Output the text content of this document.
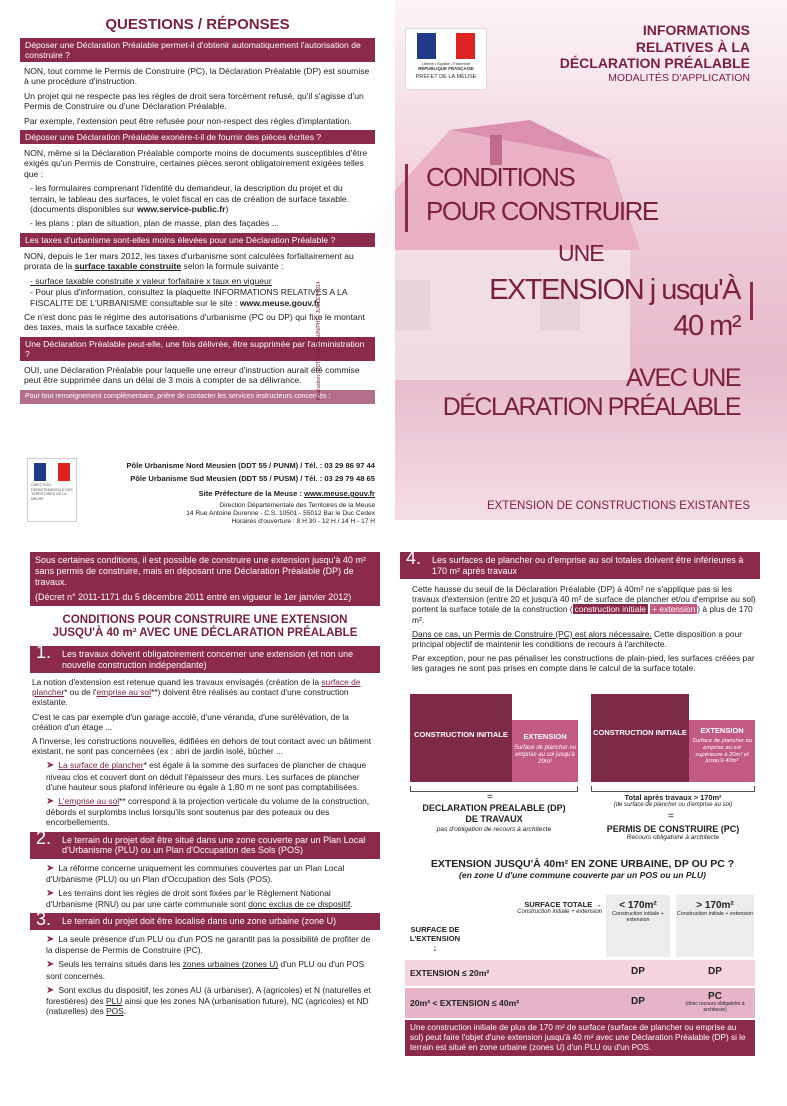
QUESTIONS / RÉPONSES
Déposer une Déclaration Préalable permet-il d'obtenir automatiquement l'autorisation de construire ?

NON, tout comme le Permis de Construire (PC), la Déclaration Préalable (DP) est soumise à une procédure d'instruction.

Un projet qui ne respecte pas les règles de droit sera forcément refusé, qu'il s'agisse d'un Permis de Construire ou d'une Déclaration Préalable.

Par exemple, l'extension peut être refusée pour non-respect des règles d'implantation.

Déposer une Déclaration Préalable exonère-t-il de fournir des pièces écrites ?

NON, même si la Déclaration Préalable comporte moins de documents susceptibles d'être exigés qu'un Permis de Construire, certaines pièces seront obligatoirement exigées telles que :

- les formulaires comprenant l'identité du demandeur, la description du projet et du terrain, le tableau des surfaces, le volet fiscal en cas de création de surface taxable. (documents disponibles sur www.service-public.fr)

- les plans : plan de situation, plan de masse, plan des façades ...

Les taxes d'urbanisme sont-elles moins élevées pour une Déclaration Préalable ?

NON, depuis le 1er mars 2012, les taxes d'urbanisme sont calculées forfaitairement au prorata de la surface taxable construite selon la formule suivante :

- surface taxable construite x valeur forfaitaire x taux en vigueur

- Pour plus d'information, consultez la plaquette INFORMATIONS RELATIVES A LA FISCALITE DE L'URBANISME consultable sur le site : www.meuse.gouv.fr

Ce n'est donc pas le régime des autorisations d'urbanisme (PC ou DP) qui fixe le montant des taxes, mais la surface taxable créée.

Une Déclaration Préalable peut-elle, une fois délivrée, être supprimée par l'administration ?

OUI, une Déclaration Préalable pour laquelle une erreur d'instruction aurait été commise peut être supprimée dans un délai de 3 mois à compter de sa délivrance.

Pour tout renseignement complémentaire, prière de contacter les services instructeurs concernés :
DIRECTION DÉPARTEMENTALE DES TERRITOIRES DE LA MEUSE
Pôle Urbanisme Nord Meusien (DDT 55 / PUNM) / Tél. : 03 29 86 97 44
Pôle Urbanisme Sud Meusien (DDT 55 / PUSM) / Tél. : 03 29 79 48 65
Site Préfecture de la Meuse : www.meuse.gouv.fr
Direction Départementale des Territoires de la Meuse
14 Rue Antoine Durenne - C.S. 10501 - 55012 Bar le Duc Cedex
Horaires d'ouverture : 8 H 30 - 12 H / 14 H - 17 H
Réalisation : DDT 55 SH/H AUN/PHT - JUILLET 2014
Liberté • Égalité • Fraternité
RÉPUBLIQUE FRANÇAISE
PRÉFET DE LA MEUSE
INFORMATIONS
RELATIVES À LA
DÉCLARATION PRÉALABLE
MODALITÉS D'APPLICATION
CONDITIONS
POUR CONSTRUIRE
UNE
EXTENSION j usqu'À
40 m²
AVEC UNE
DÉCLARATION PRÉALABLE
EXTENSION DE CONSTRUCTIONS EXISTANTES
Sous certaines conditions, il est possible de construire une extension jusqu'à 40 m² sans permis de construire, mais en déposant une Déclaration Préalable (DP) de travaux.
(Décret n° 2011-1171 du 5 décembre 2011 entré en vigueur le 1er janvier 2012)
CONDITIONS POUR CONSTRUIRE UNE EXTENSION
JUSQU'À 40 m² AVEC UNE DÉCLARATION PRÉALABLE
1. Les travaux doivent obligatoirement concerner une extension (et non une nouvelle construction indépendante)

La notion d'extension est retenue quand les travaux envisagés (création de la surface de plancher* ou de l'emprise au sol**) doivent être réalisés au contact d'une construction existante.

C'est le cas par exemple d'un garage accolé, d'une véranda, d'une surélévation, de la création d'un étage ...

A l'inverse, les constructions nouvelles, édifiées en dehors de tout contact avec un bâtiment existant, ne sont pas concernées (ex : abri de jardin isolé, bûcher ...

➤ La surface de plancher* est égale à la somme des surfaces de plancher de chaque niveau clos et couvert dont on déduit l'épaisseur des murs. Les surfaces de plancher d'une hauteur sous plafond inférieure ou égale à 1,80 m ne sont pas comptabilisées.

➤ L'emprise au sol** correspond à la projection verticale du volume de la construction, débords et surplombs inclus lorsqu'ils sont soutenus par des poteaux ou des encorbellements.

2. Le terrain du projet doit être situé dans une zone couverte par un Plan Local d'Urbanisme (PLU) ou un Plan d'Occupation des Sols (POS)

➤ La réforme concerne uniquement les communes couvertes par un Plan Local d'Urbanisme (PLU) ou un Plan d'Occupation des Sols (POS).

➤ Les terrains dont les règles de droit sont fixées par le Règlement National d'Urbanisme (RNU) ou par une carte communale sont donc exclus de ce dispositif.

3. Le terrain du projet doit être localisé dans une zone urbaine (zone U)

➤ La seule présence d'un PLU ou d'un POS ne garantit pas la possibilité de profiter de la dispense de Permis de Construire (PC).

➤ Seuls les terrains situés dans les zones urbaines (zones U) d'un PLU ou d'un POS sont concernés.

➤ Sont exclus du dispositif, les zones AU (à urbaniser), A (agricoles) et N (naturelles et forestières) des PLU ainsi que les zones NA (urbanisation future), NC (agricoles) et ND (naturelles) des POS.

4. Les surfaces de plancher ou d'emprise au sol totales doivent être inférieures à 170 m² après travaux

Cette hausse du seuil de la Déclaration Préalable (DP) à 40m² ne s'applique pas si les travaux d'extension (entre 20 et jusqu'à 40 m² de surface de plancher et/ou d'emprise au sol) portent la surface totale de la construction ( construction initiale + extension ) à plus de 170 m².

Dans ce cas, un Permis de Construire (PC) est alors nécessaire. Cette disposition a pour principal objectif de maintenir les conditions de recours à l'architecte.

Par exception, pour ne pas pénaliser les constructions de plain-pied, les surfaces créées par les garages ne sont pas prises en compte dans le calcul de la surface totale.

CONSTRUCTION INITIALE	EXTENSION
Surface de plancher ou emprise au sol jusqu'à 20m²
=
DECLARATION PREALABLE (DP)
DE TRAVAUX
pas d'obligation de recours à architecte
CONSTRUCTION INITIALE	EXTENSION
Surface de plancher ou emprise au sol supérieure à 20m² et jusqu'à 40m²
Total après travaux > 170m²
(de surface de plancher ou d'emprise au sol)
=
PERMIS DE CONSTRUIRE (PC)
Recours obligatoire à architecte
EXTENSION JUSQU'À 40m² EN ZONE URBAINE, DP OU PC ?
(en zone U d'une commune couverte par un POS ou un PLU)
SURFACE TOTALE →
Construction initiale + extension
< 170m²
Construction initiale + extension
> 170m²
Construction initiale + extension
SURFACE DE L'EXTENSION
↓
EXTENSION ≤ 20m²	DP	DP
20m² < EXTENSION ≤ 40m²	DP	PC
(donc recours obligatoire à architecte)
Une construction initiale de plus de 170 m² de surface (surface de plancher ou emprise au sol) peut faire l'objet d'une extension jusqu'à 40 m² avec une Déclaration Préalable (DP) si le terrain est situé en zone urbaine (zones U) d'un PLU ou d'un POS.
